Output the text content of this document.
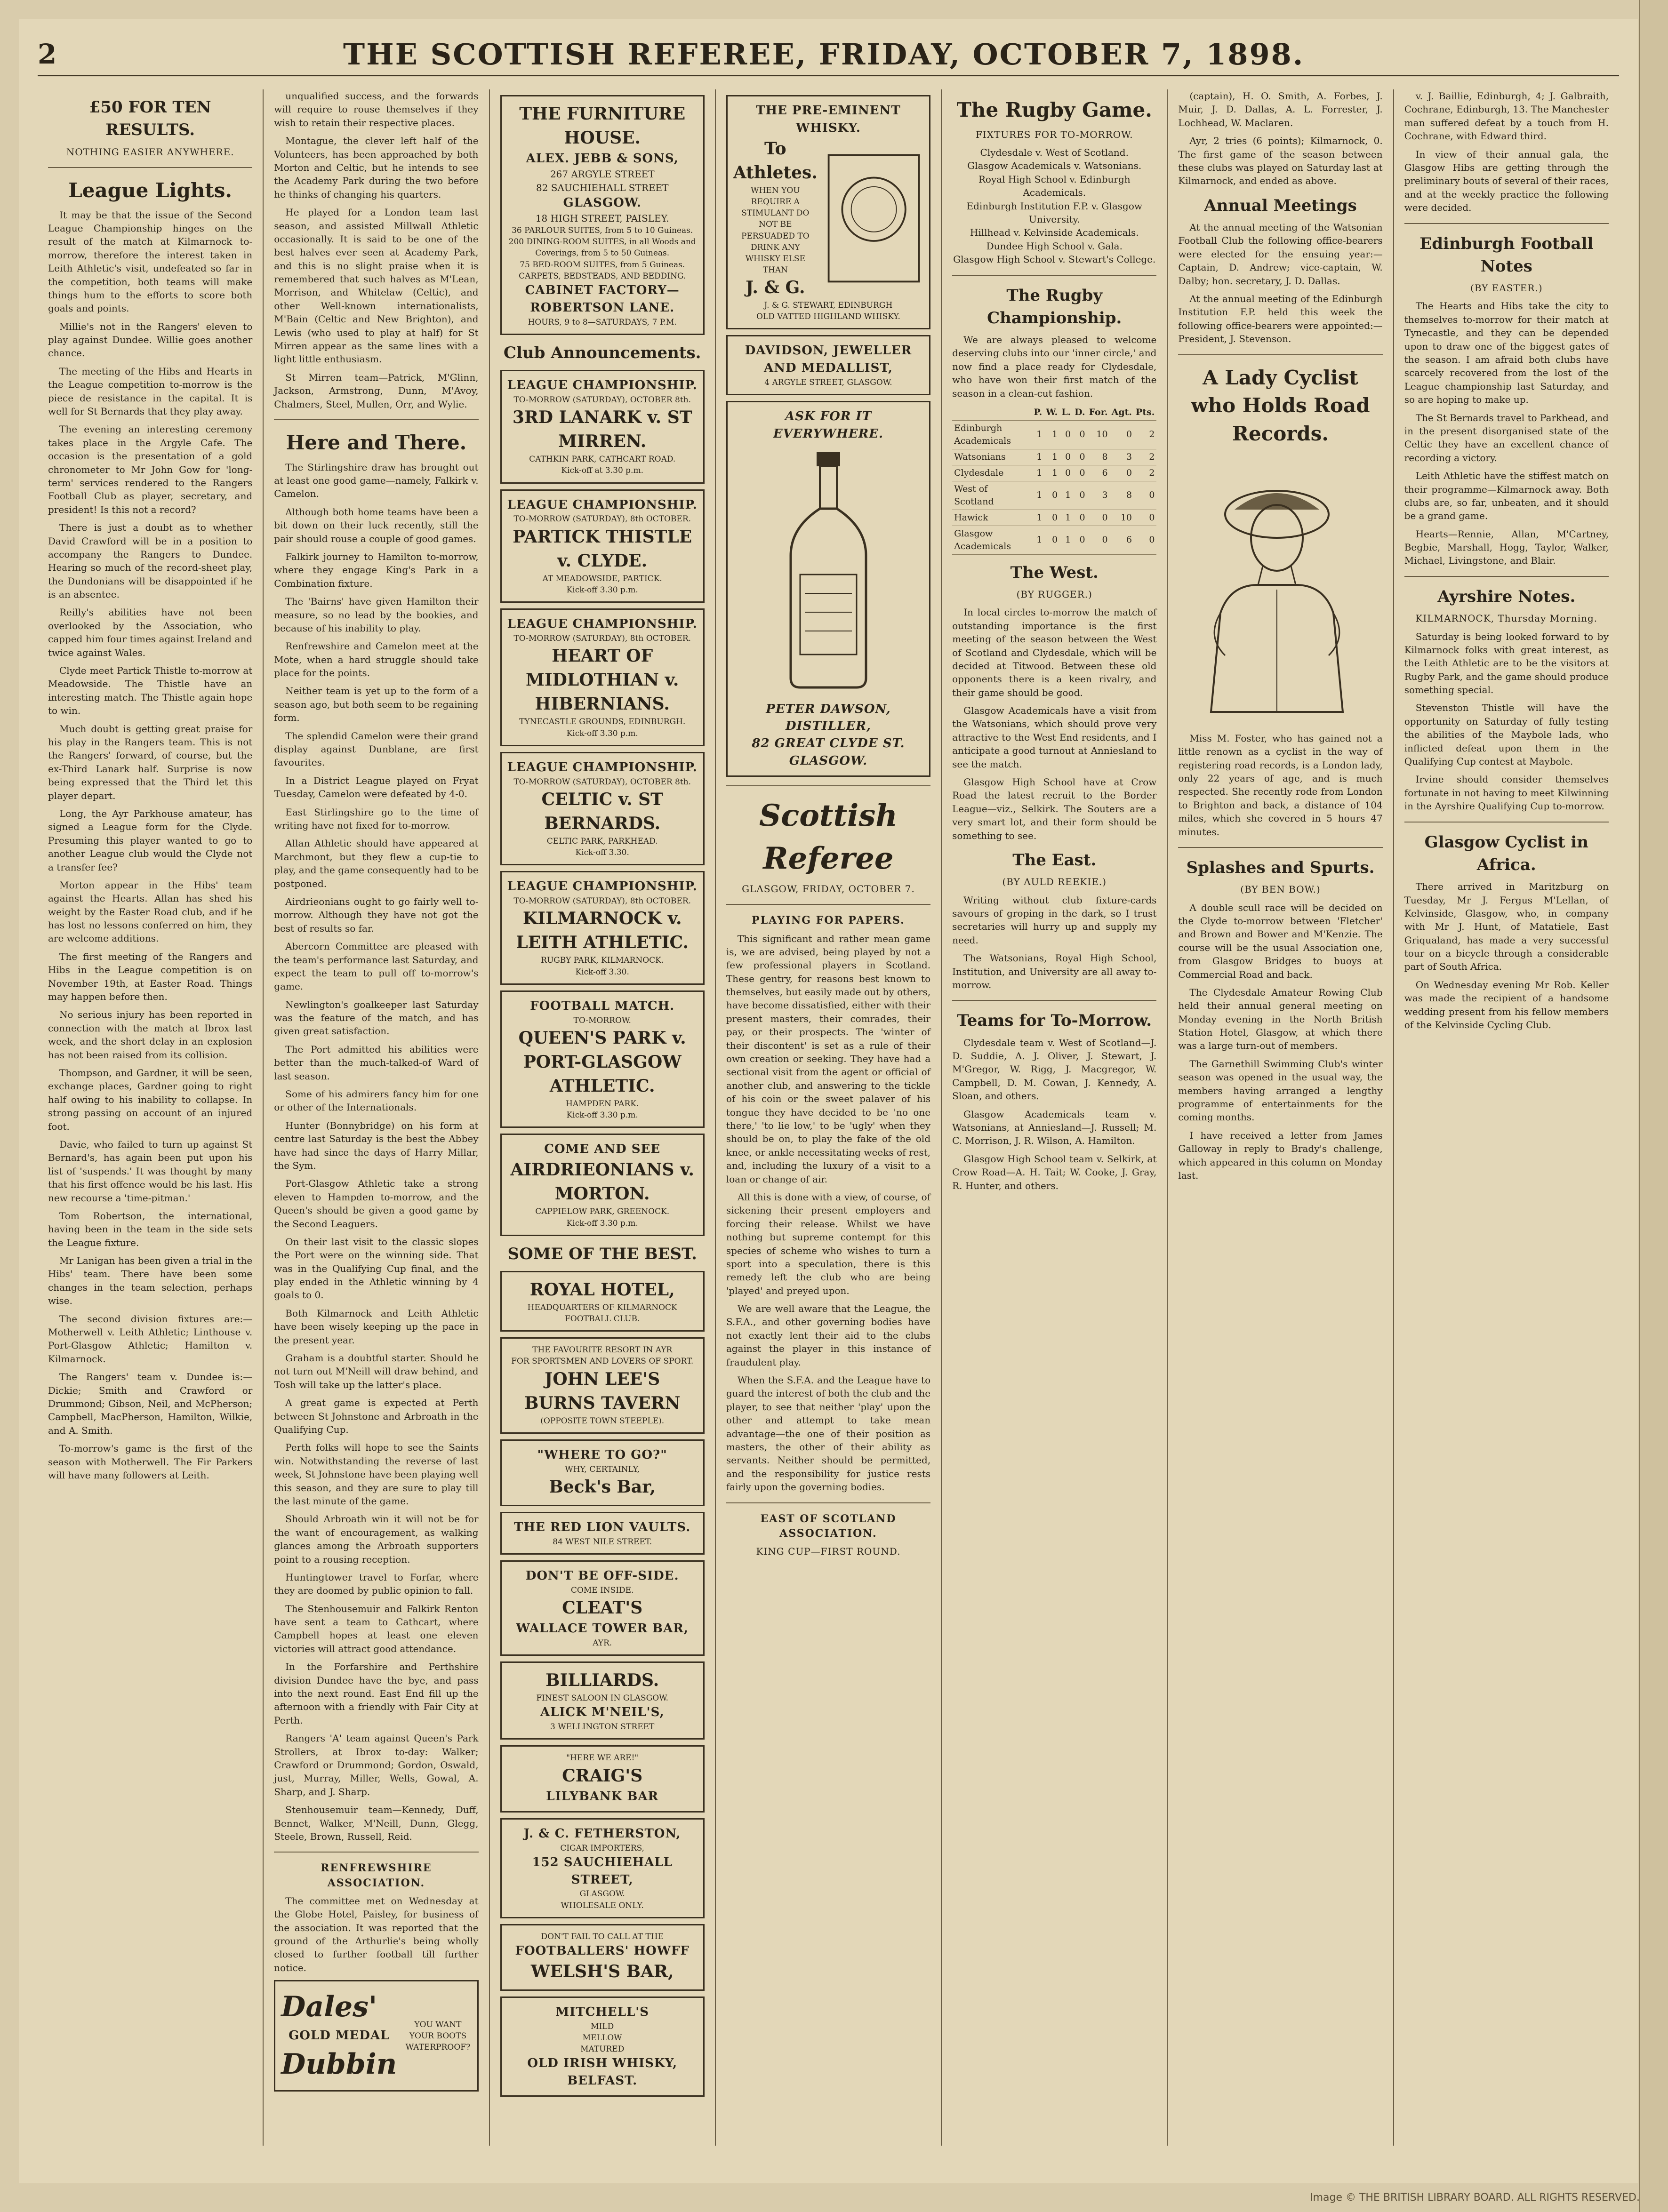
2	THE SCOTTISH REFEREE, FRIDAY, OCTOBER 7, 1898.
£50 FOR TEN RESULTS.
NOTHING EASIER ANYWHERE.
League Lights.

It may be that the issue of the Second League Championship hinges on the result of the match at Kilmarnock to-morrow, therefore the interest taken in Leith Athletic's visit, undefeated so far in the competition, both teams will make things hum to the efforts to score both goals and points.

Millie's not in the Rangers' eleven to play against Dundee. Willie goes another chance.

The meeting of the Hibs and Hearts in the League competition to-morrow is the piece de resistance in the capital. It is well for St Bernards that they play away.

The evening an interesting ceremony takes place in the Argyle Cafe. The occasion is the presentation of a gold chronometer to Mr John Gow for 'long-term' services rendered to the Rangers Football Club as player, secretary, and president! Is this not a record?

There is just a doubt as to whether David Crawford will be in a position to accompany the Rangers to Dundee. Hearing so much of the record-sheet play, the Dundonians will be disappointed if he is an absentee.

Reilly's abilities have not been overlooked by the Association, who capped him four times against Ireland and twice against Wales.

Clyde meet Partick Thistle to-morrow at Meadowside. The Thistle have an interesting match. The Thistle again hope to win.

Much doubt is getting great praise for his play in the Rangers team. This is not the Rangers' forward, of course, but the ex-Third Lanark half. Surprise is now being expressed that the Third let this player depart.

Long, the Ayr Parkhouse amateur, has signed a League form for the Clyde. Presuming this player wanted to go to another League club would the Clyde not a transfer fee?

Morton appear in the Hibs' team against the Hearts. Allan has shed his weight by the Easter Road club, and if he has lost no lessons conferred on him, they are welcome additions.

The first meeting of the Rangers and Hibs in the League competition is on November 19th, at Easter Road. Things may happen before then.

No serious injury has been reported in connection with the match at Ibrox last week, and the short delay in an explosion has not been raised from its collision.

Thompson, and Gardner, it will be seen, exchange places, Gardner going to right half owing to his inability to collapse. In strong passing on account of an injured foot.

Davie, who failed to turn up against St Bernard's, has again been put upon his list of 'suspends.' It was thought by many that his first offence would be his last. His new recourse a 'time-pitman.'

Tom Robertson, the international, having been in the team in the side sets the League fixture.

Mr Lanigan has been given a trial in the Hibs' team. There have been some changes in the team selection, perhaps wise.

The second division fixtures are:—Motherwell v. Leith Athletic; Linthouse v. Port-Glasgow Athletic; Hamilton v. Kilmarnock.

The Rangers' team v. Dundee is:—Dickie; Smith and Crawford or Drummond; Gibson, Neil, and McPherson; Campbell, MacPherson, Hamilton, Wilkie, and A. Smith.

To-morrow's game is the first of the season with Motherwell. The Fir Parkers will have many followers at Leith.

unqualified success, and the forwards will require to rouse themselves if they wish to retain their respective places.

Montague, the clever left half of the Volunteers, has been approached by both Morton and Celtic, but he intends to see the Academy Park during the two before he thinks of changing his quarters.

He played for a London team last season, and assisted Millwall Athletic occasionally. It is said to be one of the best halves ever seen at Academy Park, and this is no slight praise when it is remembered that such halves as M'Lean, Morrison, and Whitelaw (Celtic), and other Well-known internationalists, M'Bain (Celtic and New Brighton), and Lewis (who used to play at half) for St Mirren appear as the same lines with a light little enthusiasm.

St Mirren team—Patrick, M'Glinn, Jackson, Armstrong, Dunn, M'Avoy, Chalmers, Steel, Mullen, Orr, and Wylie.

Here and There.

The Stirlingshire draw has brought out at least one good game—namely, Falkirk v. Camelon.

Although both home teams have been a bit down on their luck recently, still the pair should rouse a couple of good games.

Falkirk journey to Hamilton to-morrow, where they engage King's Park in a Combination fixture.

The 'Bairns' have given Hamilton their measure, so no lead by the bookies, and because of his inability to play.

Renfrewshire and Camelon meet at the Mote, when a hard struggle should take place for the points.

Neither team is yet up to the form of a season ago, but both seem to be regaining form.

The splendid Camelon were their grand display against Dunblane, are first favourites.

In a District League played on Fryat Tuesday, Camelon were defeated by 4-0.

East Stirlingshire go to the time of writing have not fixed for to-morrow.

Allan Athletic should have appeared at Marchmont, but they flew a cup-tie to play, and the game consequently had to be postponed.

Airdrieonians ought to go fairly well to-morrow. Although they have not got the best of results so far.

Abercorn Committee are pleased with the team's performance last Saturday, and expect the team to pull off to-morrow's game.

Newlington's goalkeeper last Saturday was the feature of the match, and has given great satisfaction.

The Port admitted his abilities were better than the much-talked-of Ward of last season.

Some of his admirers fancy him for one or other of the Internationals.

Hunter (Bonnybridge) on his form at centre last Saturday is the best the Abbey have had since the days of Harry Millar, the Sym.

Port-Glasgow Athletic take a strong eleven to Hampden to-morrow, and the Queen's should be given a good game by the Second Leaguers.

On their last visit to the classic slopes the Port were on the winning side. That was in the Qualifying Cup final, and the play ended in the Athletic winning by 4 goals to 0.

Both Kilmarnock and Leith Athletic have been wisely keeping up the pace in the present year.

Graham is a doubtful starter. Should he not turn out M'Neill will draw behind, and Tosh will take up the latter's place.

A great game is expected at Perth between St Johnstone and Arbroath in the Qualifying Cup.

Perth folks will hope to see the Saints win. Notwithstanding the reverse of last week, St Johnstone have been playing well this season, and they are sure to play till the last minute of the game.

Should Arbroath win it will not be for the want of encouragement, as walking glances among the Arbroath supporters point to a rousing reception.

Huntingtower travel to Forfar, where they are doomed by public opinion to fall.

The Stenhousemuir and Falkirk Renton have sent a team to Cathcart, where Campbell hopes at least one eleven victories will attract good attendance.

In the Forfarshire and Perthshire division Dundee have the bye, and pass into the next round. East End fill up the afternoon with a friendly with Fair City at Perth.

Rangers 'A' team against Queen's Park Strollers, at Ibrox to-day: Walker; Crawford or Drummond; Gordon, Oswald, just, Murray, Miller, Wells, Gowal, A. Sharp, and J. Sharp.

Stenhousemuir team—Kennedy, Duff, Bennet, Walker, M'Neill, Dunn, Glegg, Steele, Brown, Russell, Reid.

RENFREWSHIRE ASSOCIATION.

The committee met on Wednesday at the Globe Hotel, Paisley, for business of the association. It was reported that the ground of the Arthurlie's being wholly closed to further football till further notice.

Dales'
GOLD MEDAL
Dubbin
YOU WANT YOUR BOOTS WATERPROOF?
THE FURNITURE HOUSE.
ALEX. JEBB & SONS,
267 ARGYLE STREET
82 SAUCHIEHALL STREET
GLASGOW.
18 HIGH STREET, PAISLEY.
36 PARLOUR SUITES, from 5 to 10 Guineas.
200 DINING-ROOM SUITES, in all Woods and Coverings, from 5 to 50 Guineas.
75 BED-ROOM SUITES, from 5 Guineas.
CARPETS, BEDSTEADS, AND BEDDING.
CABINET FACTORY—ROBERTSON LANE.
HOURS, 9 to 8—SATURDAYS, 7 P.M.
Club Announcements.
LEAGUE CHAMPIONSHIP.
TO-MORROW (SATURDAY), OCTOBER 8th.
3RD LANARK v. ST MIRREN.
CATHKIN PARK, CATHCART ROAD.
Kick-off at 3.30 p.m.
LEAGUE CHAMPIONSHIP.
TO-MORROW (SATURDAY), 8th OCTOBER.
PARTICK THISTLE v. CLYDE.
AT MEADOWSIDE, PARTICK.
Kick-off 3.30 p.m.
LEAGUE CHAMPIONSHIP.
TO-MORROW (SATURDAY), 8th OCTOBER.
HEART OF MIDLOTHIAN v. HIBERNIANS.
TYNECASTLE GROUNDS, EDINBURGH.
Kick-off 3.30 p.m.
LEAGUE CHAMPIONSHIP.
TO-MORROW (SATURDAY), OCTOBER 8th.
CELTIC v. ST BERNARDS.
CELTIC PARK, PARKHEAD.
Kick-off 3.30.
LEAGUE CHAMPIONSHIP.
TO-MORROW (SATURDAY), 8th OCTOBER.
KILMARNOCK v. LEITH ATHLETIC.
RUGBY PARK, KILMARNOCK.
Kick-off 3.30.
FOOTBALL MATCH.
TO-MORROW.
QUEEN'S PARK v. PORT-GLASGOW ATHLETIC.
HAMPDEN PARK.
Kick-off 3.30 p.m.
COME AND SEE
AIRDRIEONIANS v. MORTON.
CAPPIELOW PARK, GREENOCK.
Kick-off 3.30 p.m.
SOME OF THE BEST.
ROYAL HOTEL,
HEADQUARTERS OF KILMARNOCK FOOTBALL CLUB.
THE FAVOURITE RESORT IN AYR
FOR SPORTSMEN AND LOVERS OF SPORT.
JOHN LEE'S
BURNS TAVERN
(OPPOSITE TOWN STEEPLE).
"WHERE TO GO?"
WHY, CERTAINLY,
Beck's Bar,
THE RED LION VAULTS.
84 WEST NILE STREET.
DON'T BE OFF-SIDE.
COME INSIDE.
CLEAT'S
WALLACE TOWER BAR,
AYR.
BILLIARDS.
FINEST SALOON IN GLASGOW.
ALICK M'NEIL'S,
3 WELLINGTON STREET
"HERE WE ARE!"
CRAIG'S
LILYBANK BAR
J. & C. FETHERSTON,
CIGAR IMPORTERS,
152 SAUCHIEHALL STREET,
GLASGOW.
WHOLESALE ONLY.
DON'T FAIL TO CALL AT THE
FOOTBALLERS' HOWFF
WELSH'S BAR,
MITCHELL'S
MILD
MELLOW
MATURED
OLD IRISH WHISKY, BELFAST.
THE PRE-EMINENT WHISKY.
To Athletes.
WHEN YOU REQUIRE A STIMULANT DO NOT BE PERSUADED TO DRINK ANY WHISKY ELSE THAN
J. & G.
J. & G. STEWART, EDINBURGH
OLD VATTED HIGHLAND WHISKY.
DAVIDSON, JEWELLER AND MEDALLIST,
4 ARGYLE STREET, GLASGOW.
ASK FOR IT EVERYWHERE.
PETER DAWSON, DISTILLER,
82 GREAT CLYDE ST. GLASGOW.
Scottish Referee
GLASGOW, FRIDAY, OCTOBER 7.
PLAYING FOR PAPERS.

This significant and rather mean game is, we are advised, being played by not a few professional players in Scotland. These gentry, for reasons best known to themselves, but easily made out by others, have become dissatisfied, either with their present masters, their comrades, their pay, or their prospects. The 'winter of their discontent' is set as a rule of their own creation or seeking. They have had a sectional visit from the agent or official of another club, and answering to the tickle of his coin or the sweet palaver of his tongue they have decided to be 'no one there,' 'to lie low,' to be 'ugly' when they should be on, to play the fake of the old knee, or ankle necessitating weeks of rest, and, including the luxury of a visit to a loan or change of air.

All this is done with a view, of course, of sickening their present employers and forcing their release. Whilst we have nothing but supreme contempt for this species of scheme who wishes to turn a sport into a speculation, there is this remedy left the club who are being 'played' and preyed upon.

We are well aware that the League, the S.F.A., and other governing bodies have not exactly lent their aid to the clubs against the player in this instance of fraudulent play.

When the S.F.A. and the League have to guard the interest of both the club and the player, to see that neither 'play' upon the other and attempt to take mean advantage—the one of their position as masters, the other of their ability as servants. Neither should be permitted, and the responsibility for justice rests fairly upon the governing bodies.

EAST OF SCOTLAND ASSOCIATION.
KING CUP—FIRST ROUND.
The Rugby Game.
FIXTURES FOR TO-MORROW.
Clydesdale v. West of Scotland.
Glasgow Academicals v. Watsonians.
Royal High School v. Edinburgh Academicals.
Edinburgh Institution F.P. v. Glasgow University.
Hillhead v. Kelvinside Academicals.
Dundee High School v. Gala.
Glasgow High School v. Stewart's College.
The Rugby Championship.

We are always pleased to welcome deserving clubs into our 'inner circle,' and now find a place ready for Clydesdale, who have won their first match of the season in a clean-cut fashion.

	P.	W.	L.	D.	For.	Agt.	Pts.
Edinburgh Academicals	1	1	0	0	10	0	2
Watsonians	1	1	0	0	8	3	2
Clydesdale	1	1	0	0	6	0	2
West of Scotland	1	0	1	0	3	8	0
Hawick	1	0	1	0	0	10	0
Glasgow Academicals	1	0	1	0	0	6	0
The West.
(BY RUGGER.)

In local circles to-morrow the match of outstanding importance is the first meeting of the season between the West of Scotland and Clydesdale, which will be decided at Titwood. Between these old opponents there is a keen rivalry, and their game should be good.

Glasgow Academicals have a visit from the Watsonians, which should prove very attractive to the West End residents, and I anticipate a good turnout at Anniesland to see the match.

Glasgow High School have at Crow Road the latest recruit to the Border League—viz., Selkirk. The Souters are a very smart lot, and their form should be something to see.

The East.
(BY AULD REEKIE.)

Writing without club fixture-cards savours of groping in the dark, so I trust secretaries will hurry up and supply my need.

The Watsonians, Royal High School, Institution, and University are all away to-morrow.

Teams for To-Morrow.

Clydesdale team v. West of Scotland—J. D. Suddie, A. J. Oliver, J. Stewart, J. M'Gregor, W. Rigg, J. Macgregor, W. Campbell, D. M. Cowan, J. Kennedy, A. Sloan, and others.

Glasgow Academicals team v. Watsonians, at Anniesland—J. Russell; M. C. Morrison, J. R. Wilson, A. Hamilton.

Glasgow High School team v. Selkirk, at Crow Road—A. H. Tait; W. Cooke, J. Gray, R. Hunter, and others.

(captain), H. O. Smith, A. Forbes, J. Muir, J. D. Dallas, A. L. Forrester, J. Lochhead, W. Maclaren.

Ayr, 2 tries (6 points); Kilmarnock, 0. The first game of the season between these clubs was played on Saturday last at Kilmarnock, and ended as above.

Annual Meetings

At the annual meeting of the Watsonian Football Club the following office-bearers were elected for the ensuing year:—Captain, D. Andrew; vice-captain, W. Dalby; hon. secretary, J. D. Dallas.

At the annual meeting of the Edinburgh Institution F.P. held this week the following office-bearers were appointed:—President, J. Stevenson.

A Lady Cyclist who Holds Road Records.

Miss M. Foster, who has gained not a little renown as a cyclist in the way of registering road records, is a London lady, only 22 years of age, and is much respected. She recently rode from London to Brighton and back, a distance of 104 miles, which she covered in 5 hours 47 minutes.

Splashes and Spurts.
(BY BEN BOW.)

A double scull race will be decided on the Clyde to-morrow between 'Fletcher' and Brown and Bower and M'Kenzie. The course will be the usual Association one, from Glasgow Bridges to buoys at Commercial Road and back.

The Clydesdale Amateur Rowing Club held their annual general meeting on Monday evening in the North British Station Hotel, Glasgow, at which there was a large turn-out of members.

The Garnethill Swimming Club's winter season was opened in the usual way, the members having arranged a lengthy programme of entertainments for the coming months.

I have received a letter from James Galloway in reply to Brady's challenge, which appeared in this column on Monday last.

v. J. Baillie, Edinburgh, 4; J. Galbraith, Cochrane, Edinburgh, 13. The Manchester man suffered defeat by a touch from H. Cochrane, with Edward third.

In view of their annual gala, the Glasgow Hibs are getting through the preliminary bouts of several of their races, and at the weekly practice the following were decided.

Edinburgh Football Notes
(BY EASTER.)

The Hearts and Hibs take the city to themselves to-morrow for their match at Tynecastle, and they can be depended upon to draw one of the biggest gates of the season. I am afraid both clubs have scarcely recovered from the lost of the League championship last Saturday, and so are hoping to make up.

The St Bernards travel to Parkhead, and in the present disorganised state of the Celtic they have an excellent chance of recording a victory.

Leith Athletic have the stiffest match on their programme—Kilmarnock away. Both clubs are, so far, unbeaten, and it should be a grand game.

Hearts—Rennie, Allan, M'Cartney, Begbie, Marshall, Hogg, Taylor, Walker, Michael, Livingstone, and Blair.

Ayrshire Notes.
KILMARNOCK, Thursday Morning.

Saturday is being looked forward to by Kilmarnock folks with great interest, as the Leith Athletic are to be the visitors at Rugby Park, and the game should produce something special.

Stevenston Thistle will have the opportunity on Saturday of fully testing the abilities of the Maybole lads, who inflicted defeat upon them in the Qualifying Cup contest at Maybole.

Irvine should consider themselves fortunate in not having to meet Kilwinning in the Ayrshire Qualifying Cup to-morrow.

Glasgow Cyclist in Africa.

There arrived in Maritzburg on Tuesday, Mr J. Fergus M'Lellan, of Kelvinside, Glasgow, who, in company with Mr J. Hunt, of Matatiele, East Griqualand, has made a very successful tour on a bicycle through a considerable part of South Africa.

On Wednesday evening Mr Rob. Keller was made the recipient of a handsome wedding present from his fellow members of the Kelvinside Cycling Club.

Image © THE BRITISH LIBRARY BOARD. ALL RIGHTS RESERVED.
